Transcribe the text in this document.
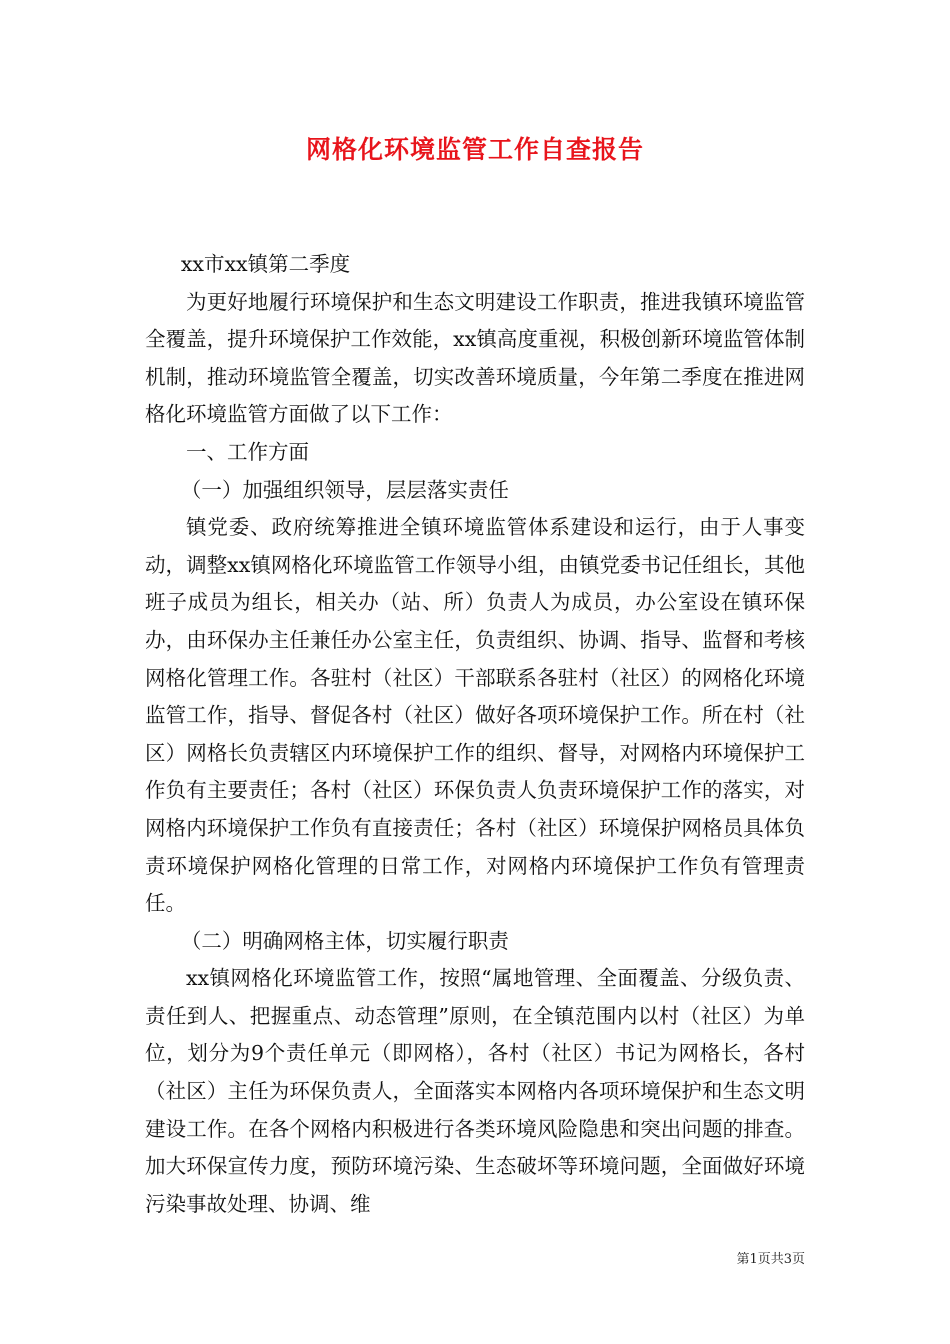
网格化环境监管工作自查报告

xx市xx镇第二季度

为更好地履行环境保护和生态文明建设工作职责，推进我镇环境监管全覆盖，提升环境保护工作效能，xx镇高度重视，积极创新环境监管体制机制，推动环境监管全覆盖，切实改善环境质量，今年第二季度在推进网格化环境监管方面做了以下工作：

一、工作方面

（一）加强组织领导，层层落实责任

镇党委、政府统筹推进全镇环境监管体系建设和运行，由于人事变动，调整xx镇网格化环境监管工作领导小组，由镇党委书记任组长，其他班子成员为组长，相关办（站、所）负责人为成员，办公室设在镇环保办，由环保办主任兼任办公室主任，负责组织、协调、指导、监督和考核网格化管理工作。各驻村（社区）干部联系各驻村（社区）的网格化环境监管工作，指导、督促各村（社区）做好各项环境保护工作。所在村（社区）网格长负责辖区内环境保护工作的组织、督导，对网格内环境保护工作负有主要责任；各村（社区）环保负责人负责环境保护工作的落实，对网格内环境保护工作负有直接责任；各村（社区）环境保护网格员具体负责环境保护网格化管理的日常工作，对网格内环境保护工作负有管理责任。

（二）明确网格主体，切实履行职责

xx镇网格化环境监管工作，按照“属地管理、全面覆盖、分级负责、责任到人、把握重点、动态管理”原则，在全镇范围内以村（社区）为单位，划分为9个责任单元（即网格），各村（社区）书记为网格长，各村（社区）主任为环保负责人，全面落实本网格内各项环境保护和生态文明建设工作。在各个网格内积极进行各类环境风险隐患和突出问题的排查。加大环保宣传力度，预防环境污染、生态破坏等环境问题，全面做好环境污染事故处理、协调、维

第1页共3页
